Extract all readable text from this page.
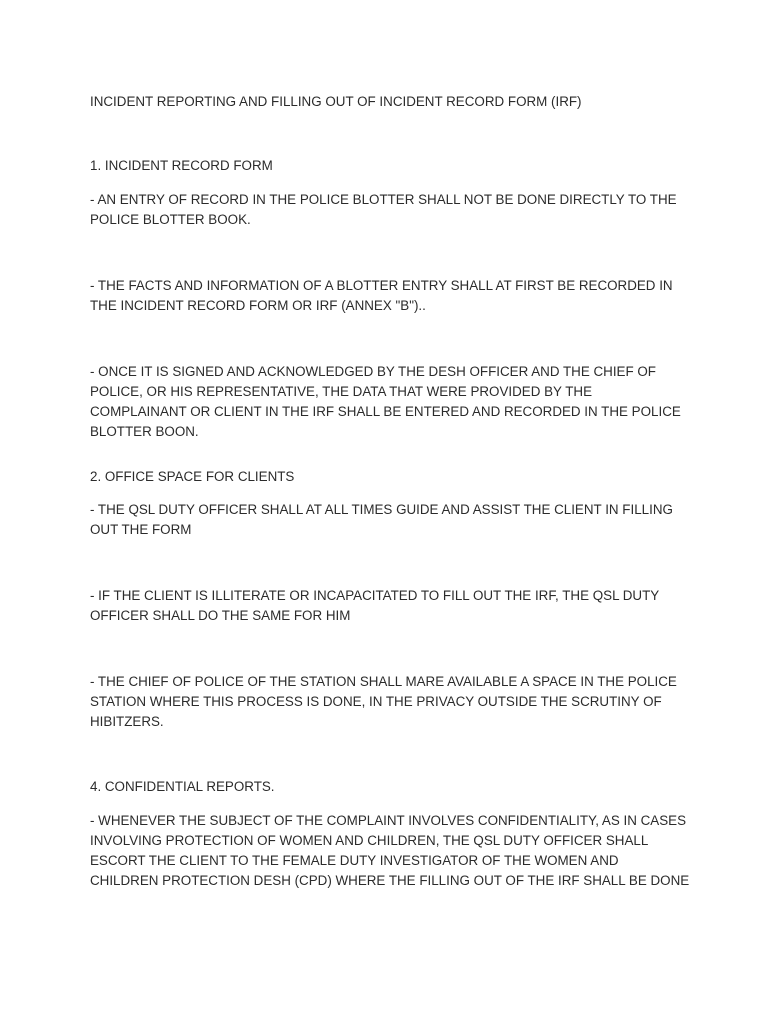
INCIDENT REPORTING AND FILLING OUT OF INCIDENT RECORD FORM (IRF)

1. INCIDENT RECORD FORM

- AN ENTRY OF RECORD IN THE POLICE BLOTTER SHALL NOT BE DONE DIRECTLY TO THE POLICE BLOTTER BOOK.

- THE FACTS AND INFORMATION OF A BLOTTER ENTRY SHALL AT FIRST BE RECORDED IN THE INCIDENT RECORD FORM OR IRF (ANNEX "B")..

- ONCE IT IS SIGNED AND ACKNOWLEDGED BY THE DESH OFFICER AND THE CHIEF OF POLICE, OR HIS REPRESENTATIVE, THE DATA THAT WERE PROVIDED BY THE COMPLAINANT OR CLIENT IN THE IRF SHALL BE ENTERED AND RECORDED IN THE POLICE BLOTTER BOON.

2. OFFICE SPACE FOR CLIENTS

- THE QSL DUTY OFFICER SHALL AT ALL TIMES GUIDE AND ASSIST THE CLIENT IN FILLING OUT THE FORM

- IF THE CLIENT IS ILLITERATE OR INCAPACITATED TO FILL OUT THE IRF, THE QSL DUTY OFFICER SHALL DO THE SAME FOR HIM

- THE CHIEF OF POLICE OF THE STATION SHALL MARE AVAILABLE A SPACE IN THE POLICE STATION WHERE THIS PROCESS IS DONE, IN THE PRIVACY OUTSIDE THE SCRUTINY OF HIBITZERS.

4. CONFIDENTIAL REPORTS.

- WHENEVER THE SUBJECT OF THE COMPLAINT INVOLVES CONFIDENTIALITY, AS IN CASES INVOLVING PROTECTION OF WOMEN AND CHILDREN, THE QSL DUTY OFFICER SHALL ESCORT THE CLIENT TO THE FEMALE DUTY INVESTIGATOR OF THE WOMEN AND CHILDREN PROTECTION DESH (CPD) WHERE THE FILLING OUT OF THE IRF SHALL BE DONE
